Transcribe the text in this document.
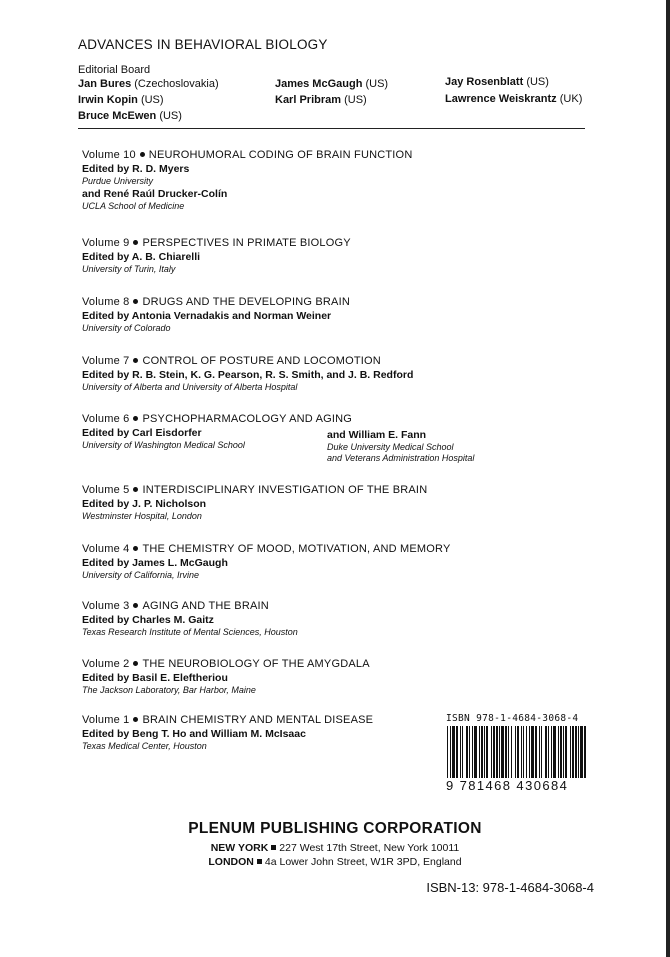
ADVANCES IN BEHAVIORAL BIOLOGY
Editorial Board
Jan Bures (Czechoslovakia)
Irwin Kopin (US)
Bruce McEwen (US)
James McGaugh (US)
Karl Pribram (US)
Jay Rosenblatt (US)
Lawrence Weiskrantz (UK)
Volume 10 NEUROHUMORAL CODING OF BRAIN FUNCTION
Edited by R. D. Myers
Purdue University
and René Raúl Drucker-Colín
UCLA School of Medicine
Volume 9 PERSPECTIVES IN PRIMATE BIOLOGY
Edited by A. B. Chiarelli
University of Turin, Italy
Volume 8 DRUGS AND THE DEVELOPING BRAIN
Edited by Antonia Vernadakis and Norman Weiner
University of Colorado
Volume 7 CONTROL OF POSTURE AND LOCOMOTION
Edited by R. B. Stein, K. G. Pearson, R. S. Smith, and J. B. Redford
University of Alberta and University of Alberta Hospital
Volume 6 PSYCHOPHARMACOLOGY AND AGING
Edited by Carl Eisdorfer
University of Washington Medical School
and William E. Fann
Duke University Medical School
and Veterans Administration Hospital
Volume 5 INTERDISCIPLINARY INVESTIGATION OF THE BRAIN
Edited by J. P. Nicholson
Westminster Hospital, London
Volume 4 THE CHEMISTRY OF MOOD, MOTIVATION, AND MEMORY
Edited by James L. McGaugh
University of California, Irvine
Volume 3 AGING AND THE BRAIN
Edited by Charles M. Gaitz
Texas Research Institute of Mental Sciences, Houston
Volume 2 THE NEUROBIOLOGY OF THE AMYGDALA
Edited by Basil E. Eleftheriou
The Jackson Laboratory, Bar Harbor, Maine
Volume 1 BRAIN CHEMISTRY AND MENTAL DISEASE
Edited by Beng T. Ho and William M. McIsaac
Texas Medical Center, Houston
ISBN 978-1-4684-3068-4
9 781468 430684
PLENUM PUBLISHING CORPORATION
NEW YORK 227 West 17th Street, New York 10011
LONDON 4a Lower John Street, W1R 3PD, England
ISBN-13: 978-1-4684-3068-4
